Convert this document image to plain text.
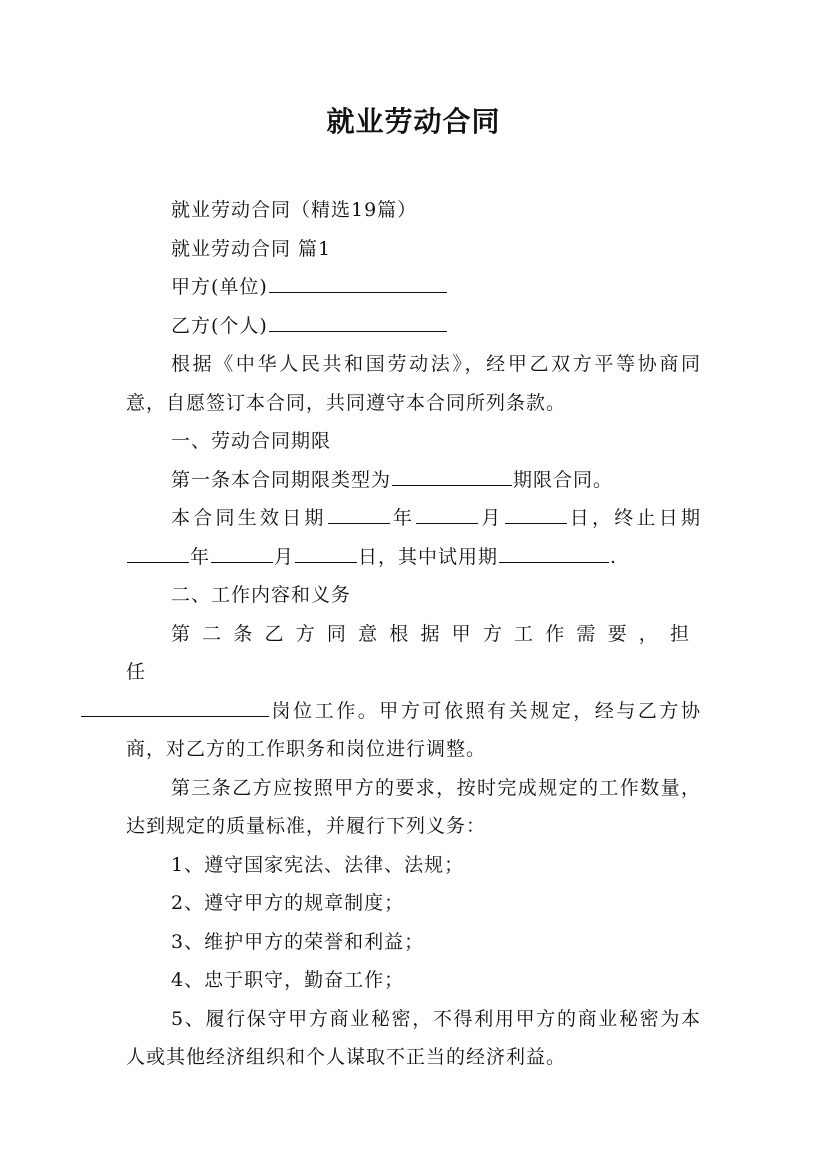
就业劳动合同

就业劳动合同（精选19篇）

就业劳动合同 篇1

甲方(单位)

乙方(个人)

根据《中华人民共和国劳动法》，经甲乙双方平等协商同意，自愿签订本合同，共同遵守本合同所列条款。

一、劳动合同期限

第一条本合同期限类型为	期限合同。

本合同生效日期	年	月	日，终止日期

年	月	日，其中试用期	.

二、工作内容和义务

第二条乙方同意根据甲方工作需要，担任
岗位工作。甲方可依照有关规定，经与乙方协商，对乙方的工作职务和岗位进行调整。

第三条乙方应按照甲方的要求，按时完成规定的工作数量，达到规定的质量标准，并履行下列义务：

1、遵守国家宪法、法律、法规；

2、遵守甲方的规章制度；

3、维护甲方的荣誉和利益；

4、忠于职守，勤奋工作；

5、履行保守甲方商业秘密，不得利用甲方的商业秘密为本人或其他经济组织和个人谋取不正当的经济利益。
